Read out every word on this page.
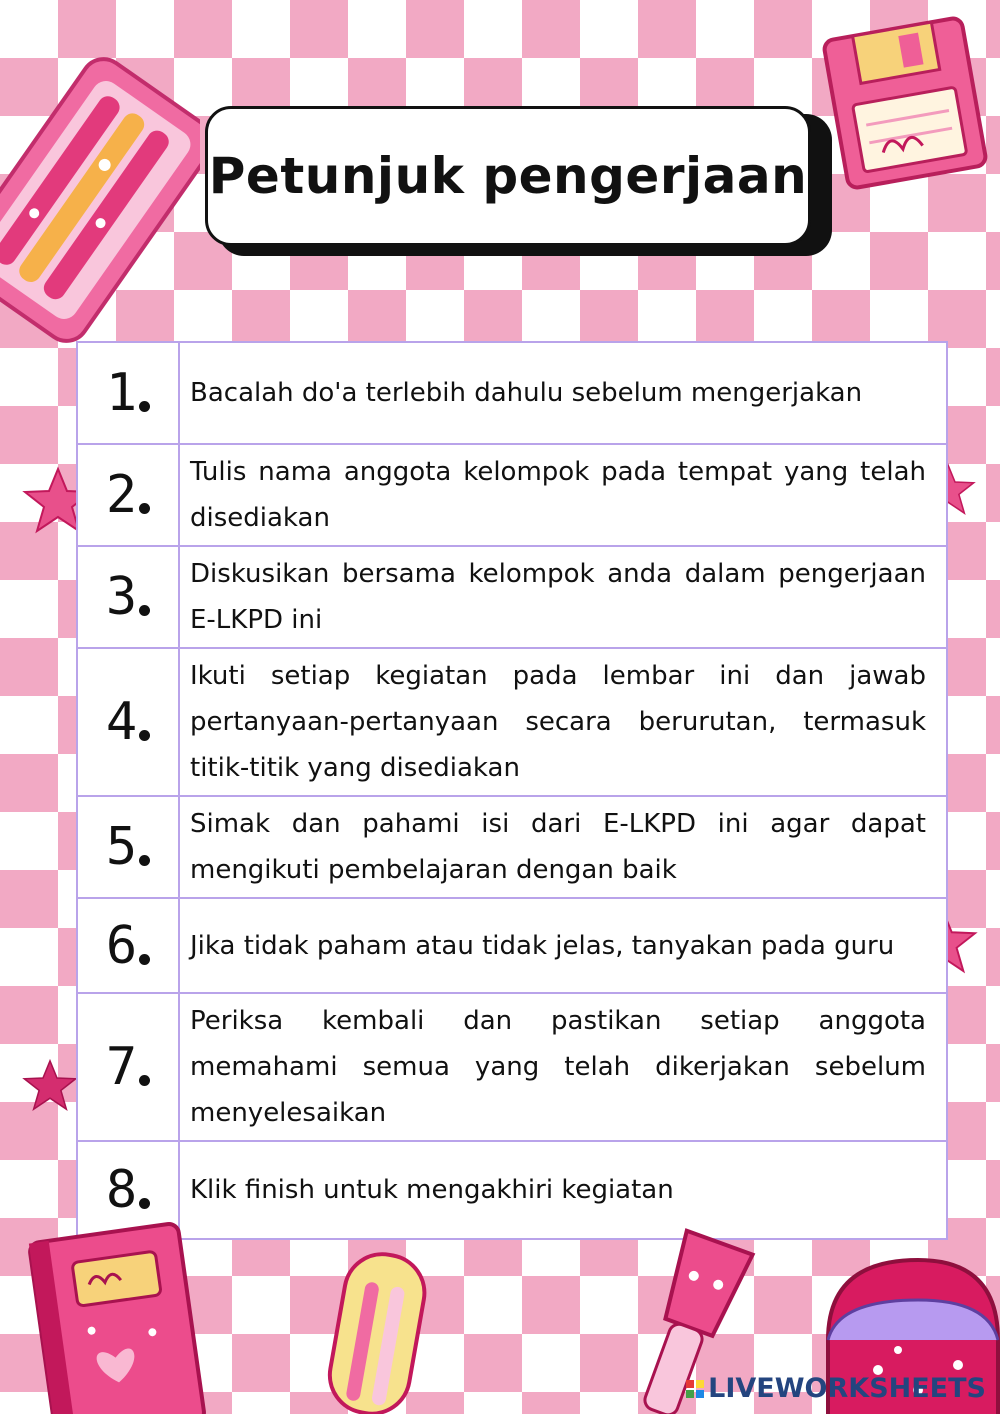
Petunjuk pengerjaan
1	Bacalah do'a terlebih dahulu sebelum mengerjakan
2	Tulis nama anggota kelompok pada tempat yang telah disediakan
3	Diskusikan bersama kelompok anda dalam pengerjaan E-LKPD ini
4	Ikuti setiap kegiatan pada lembar ini dan jawab pertanyaan-pertanyaan secara berurutan, termasuk titik-titik yang disediakan
5	Simak dan pahami isi dari E-LKPD ini agar dapat mengikuti pembelajaran dengan baik
6	Jika tidak paham atau tidak jelas, tanyakan pada guru
7	Periksa kembali dan pastikan setiap anggota memahami semua yang telah dikerjakan sebelum menyelesaikan
8	Klik finish untuk mengakhiri kegiatan
LIVEWORKSHEETS
